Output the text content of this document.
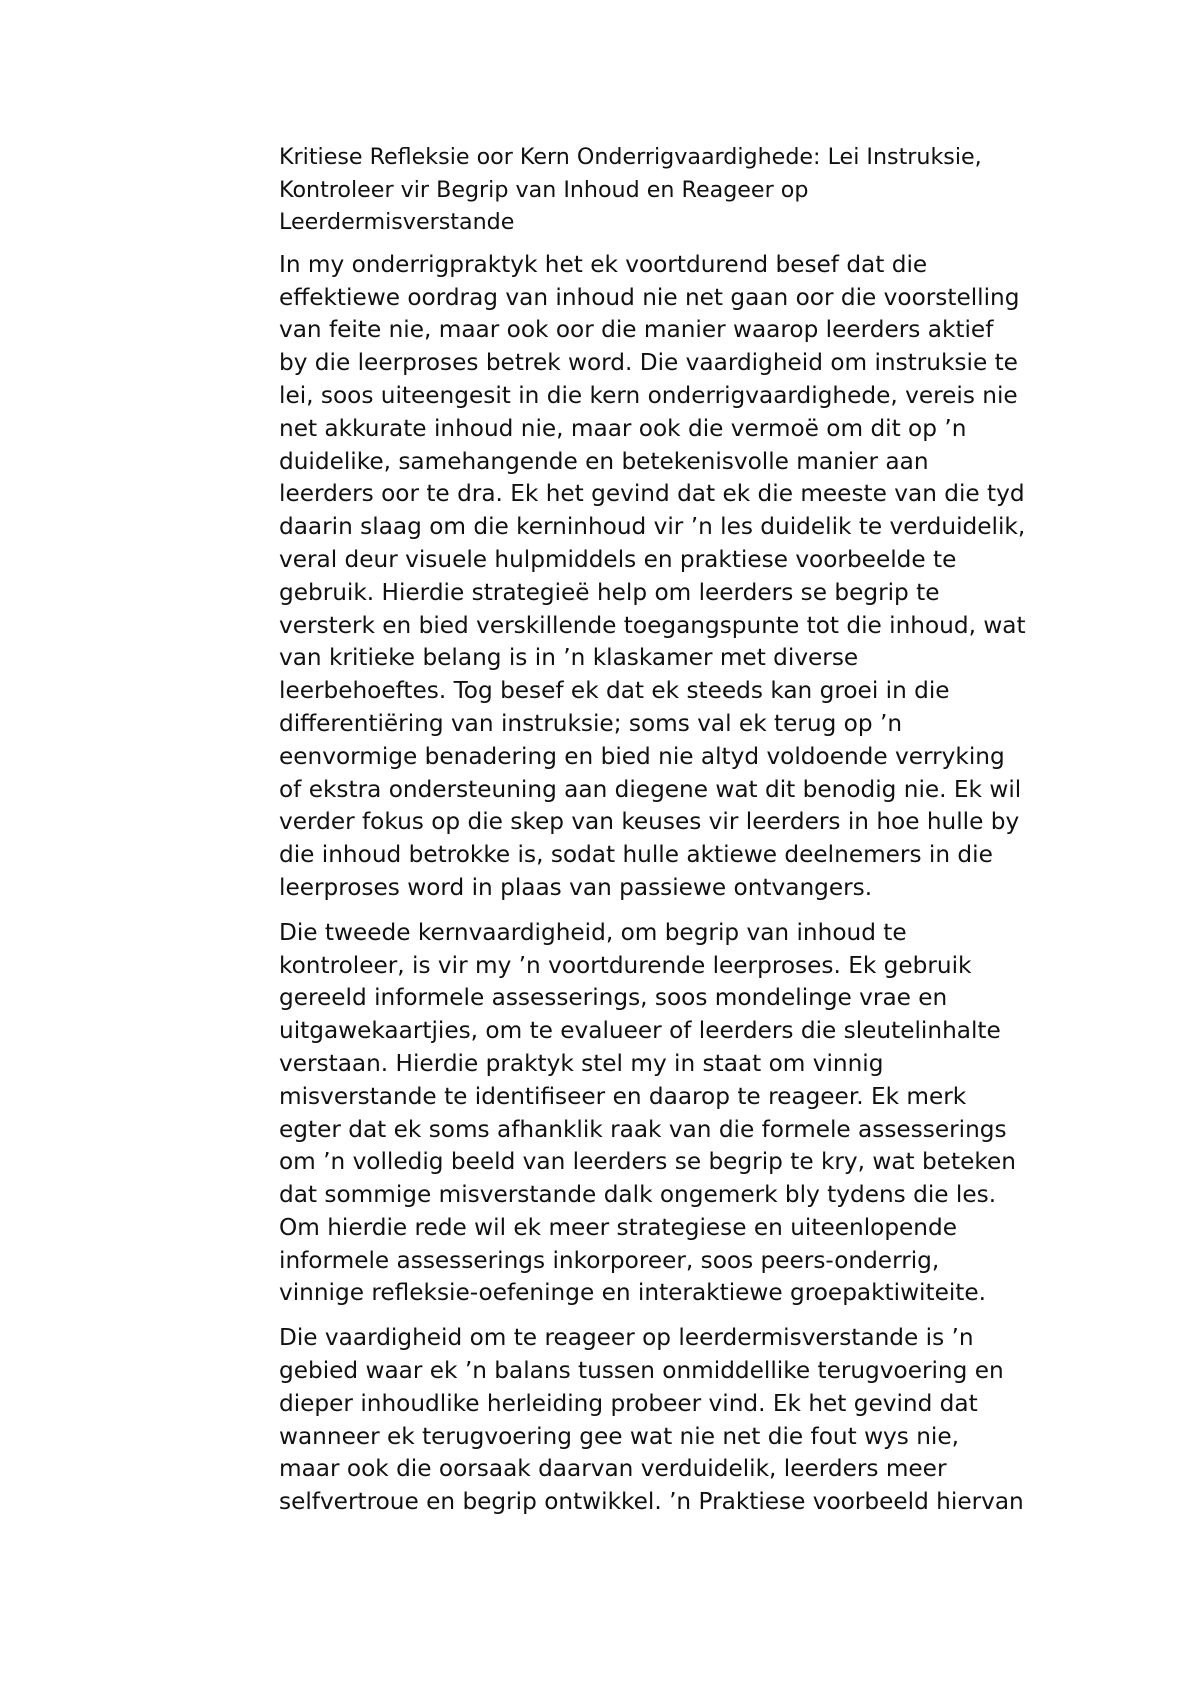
Kritiese Refleksie oor Kern Onderrigvaardighede: Lei Instruksie,
Kontroleer vir Begrip van Inhoud en Reageer op
Leerdermisverstande
In my onderrigpraktyk het ek voortdurend besef dat die
effektiewe oordrag van inhoud nie net gaan oor die voorstelling
van feite nie, maar ook oor die manier waarop leerders aktief
by die leerproses betrek word. Die vaardigheid om instruksie te
lei, soos uiteengesit in die kern onderrigvaardighede, vereis nie
net akkurate inhoud nie, maar ook die vermoë om dit op ’n
duidelike, samehangende en betekenisvolle manier aan
leerders oor te dra. Ek het gevind dat ek die meeste van die tyd
daarin slaag om die kerninhoud vir ’n les duidelik te verduidelik,
veral deur visuele hulpmiddels en praktiese voorbeelde te
gebruik. Hierdie strategieë help om leerders se begrip te
versterk en bied verskillende toegangspunte tot die inhoud, wat
van kritieke belang is in ’n klaskamer met diverse
leerbehoeftes. Tog besef ek dat ek steeds kan groei in die
differentiëring van instruksie; soms val ek terug op ’n
eenvormige benadering en bied nie altyd voldoende verryking
of ekstra ondersteuning aan diegene wat dit benodig nie. Ek wil
verder fokus op die skep van keuses vir leerders in hoe hulle by
die inhoud betrokke is, sodat hulle aktiewe deelnemers in die
leerproses word in plaas van passiewe ontvangers.
Die tweede kernvaardigheid, om begrip van inhoud te
kontroleer, is vir my ’n voortdurende leerproses. Ek gebruik
gereeld informele assesserings, soos mondelinge vrae en
uitgawekaartjies, om te evalueer of leerders die sleutelinhalte
verstaan. Hierdie praktyk stel my in staat om vinnig
misverstande te identifiseer en daarop te reageer. Ek merk
egter dat ek soms afhanklik raak van die formele assesserings
om ’n volledig beeld van leerders se begrip te kry, wat beteken
dat sommige misverstande dalk ongemerk bly tydens die les.
Om hierdie rede wil ek meer strategiese en uiteenlopende
informele assesserings inkorporeer, soos peers-onderrig,
vinnige refleksie-oefeninge en interaktiewe groepaktiwiteite.
Die vaardigheid om te reageer op leerdermisverstande is ’n
gebied waar ek ’n balans tussen onmiddellike terugvoering en
dieper inhoudlike herleiding probeer vind. Ek het gevind dat
wanneer ek terugvoering gee wat nie net die fout wys nie,
maar ook die oorsaak daarvan verduidelik, leerders meer
selfvertroue en begrip ontwikkel. ’n Praktiese voorbeeld hiervan
